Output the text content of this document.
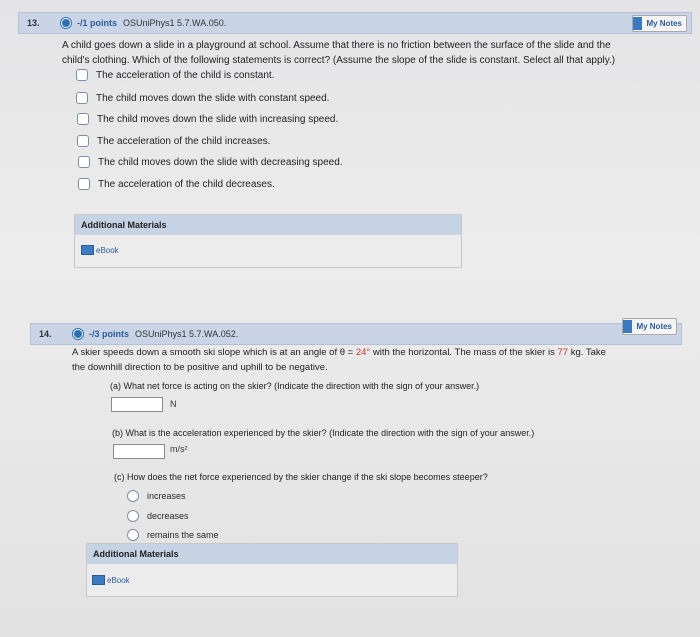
13.	-/1 points OSUniPhys1 5.7.WA.050.	My Notes
A child goes down a slide in a playground at school. Assume that there is no friction between the surface of the slide and the
child's clothing. Which of the following statements is correct? (Assume the slope of the slide is constant. Select all that apply.)
The acceleration of the child is constant.
The child moves down the slide with constant speed.
The child moves down the slide with increasing speed.
The acceleration of the child increases.
The child moves down the slide with decreasing speed.
The acceleration of the child decreases.
Additional Materials
eBook
14.	-/3 points OSUniPhys1 5.7.WA.052.
My Notes
A skier speeds down a smooth ski slope which is at an angle of θ = 24° with the horizontal. The mass of the skier is 77 kg. Take
the downhill direction to be positive and uphill to be negative.
(a) What net force is acting on the skier? (Indicate the direction with the sign of your answer.)
N
(b) What is the acceleration experienced by the skier? (Indicate the direction with the sign of your answer.)
m/s²
(c) How does the net force experienced by the skier change if the ski slope becomes steeper?
increases
decreases
remains the same
Additional Materials
eBook
